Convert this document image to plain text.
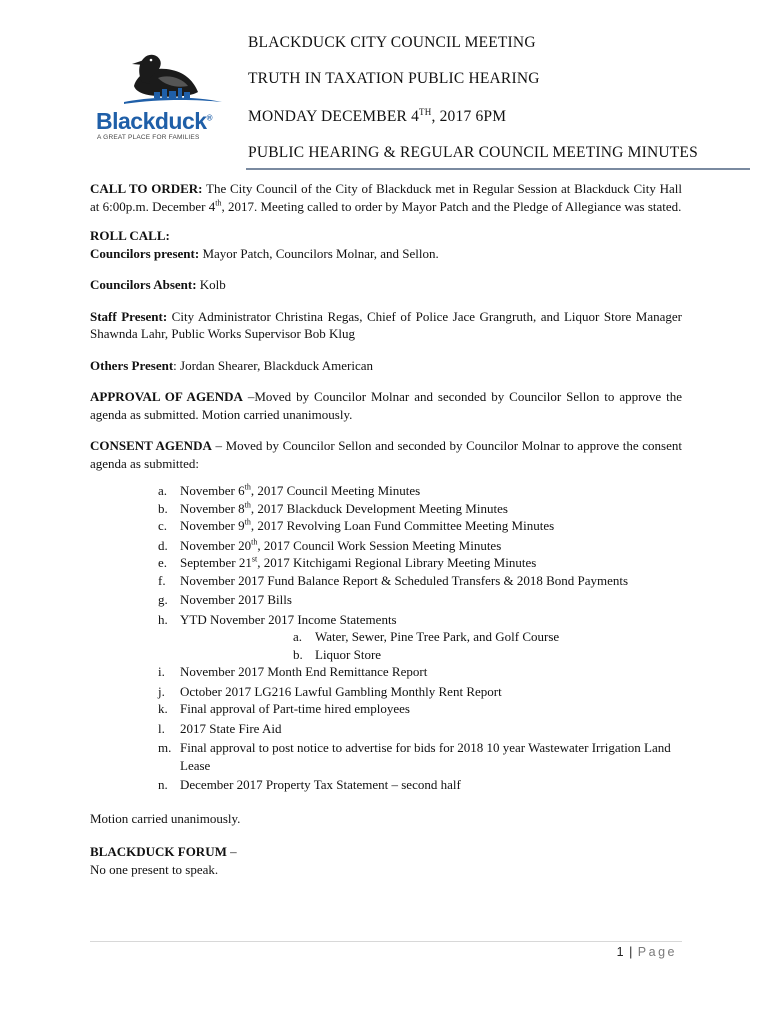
Blackduck®
A GREAT PLACE FOR FAMILIES
BLACKDUCK CITY COUNCIL MEETING
TRUTH IN TAXATION PUBLIC HEARING
MONDAY DECEMBER 4TH, 2017 6PM
PUBLIC HEARING & REGULAR COUNCIL MEETING MINUTES

CALL TO ORDER: The City Council of the City of Blackduck met in Regular Session at Blackduck City Hall at 6:00p.m. December 4th, 2017. Meeting called to order by Mayor Patch and the Pledge of Allegiance was stated.

ROLL CALL:

Councilors present: Mayor Patch, Councilors Molnar, and Sellon.

Councilors Absent: Kolb

Staff Present: City Administrator Christina Regas, Chief of Police Jace Grangruth, and Liquor Store Manager Shawnda Lahr, Public Works Supervisor Bob Klug

Others Present: Jordan Shearer, Blackduck American

APPROVAL OF AGENDA –Moved by Councilor Molnar and seconded by Councilor Sellon to approve the agenda as submitted. Motion carried unanimously.

CONSENT AGENDA – Moved by Councilor Sellon and seconded by Councilor Molnar to approve the consent agenda as submitted:

a. November 6th, 2017 Council Meeting Minutes
b. November 8th, 2017 Blackduck Development Meeting Minutes
c. November 9th, 2017 Revolving Loan Fund Committee Meeting Minutes
d. November 20th, 2017 Council Work Session Meeting Minutes
e. September 21st, 2017 Kitchigami Regional Library Meeting Minutes
f. November 2017 Fund Balance Report & Scheduled Transfers & 2018 Bond Payments
g. November 2017 Bills
h. YTD November 2017 Income Statements
a. Water, Sewer, Pine Tree Park, and Golf Course
b. Liquor Store
i. November 2017 Month End Remittance Report
j. October 2017 LG216 Lawful Gambling Monthly Rent Report
k. Final approval of Part-time hired employees
l. 2017 State Fire Aid
m. Final approval to post notice to advertise for bids for 2018 10 year Wastewater Irrigation Land Lease
n. December 2017 Property Tax Statement – second half

Motion carried unanimously.

BLACKDUCK FORUM –

No one present to speak.

1 | Page
